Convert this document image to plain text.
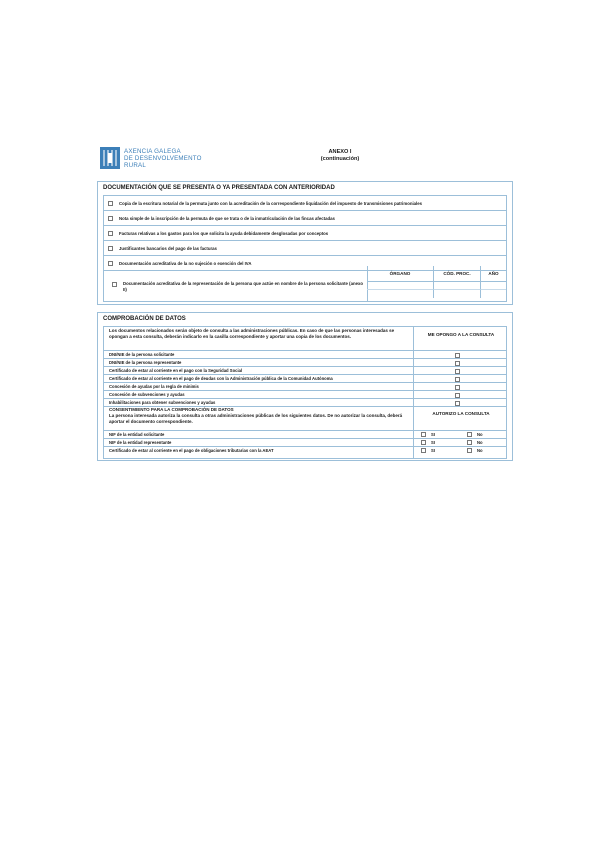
AXENCIA GALEGA
DE DESENVOLVEMENTO
RURAL
ANEXO I
(continuación)
DOCUMENTACIÓN QUE SE PRESENTA O YA PRESENTADA CON ANTERIORIDAD
Copia de la escritura notarial de la permuta junto con la acreditación de la correspondiente liquidación del impuesto de transmisiones patrimoniales
Nota simple de la inscripción de la permuta de que se trata o de la inmatriculación de las fincas afectadas
Facturas relativas a los gastos para los que solicita la ayuda debidamente desglosadas por conceptos
Justificantes bancarios del pago de las facturas
Documentación acreditativa de la no sujeción o exención del IVA
Documentación acreditativa de la representación de la persona que actúe en nombre de la persona solicitante (anexo II)
ÓRGANO	CÓD. PROC.	AÑO
COMPROBACIÓN DE DATOS
Los documentos relacionados serán objeto de consulta a las administraciones públicas. En caso de que las personas interesadas se opongan a esta consulta, deberán indicarlo en la casilla correspondiente y aportar una copia de los documentos.	ME OPONGO A LA CONSULTA
DNI/NIE de la persona solicitante
DNI/NIE de la persona representante
Certificado de estar al corriente en el pago con la Seguridad Social
Certificado de estar al corriente en el pago de deudas con la Administración pública de la Comunidad Autónoma
Concesión de ayudas por la regla de minimis
Concesión de subvenciones y ayudas
Inhabilitaciones para obtener subvenciones y ayudas
CONSENTIMIENTO PARA LA COMPROBACIÓN DE DATOS
La persona interesada autoriza la consulta a otras administraciones públicas de los siguientes datos. De no autorizar la consulta, deberá aportar el documento correspondiente.
AUTORIZO LA CONSULTA
NIF de la entidad solicitante	SI	No
NIF de la entidad representante	SI	No
Certificado de estar al corriente en el pago de obligaciones tributarias con la AEAT	SI	No
